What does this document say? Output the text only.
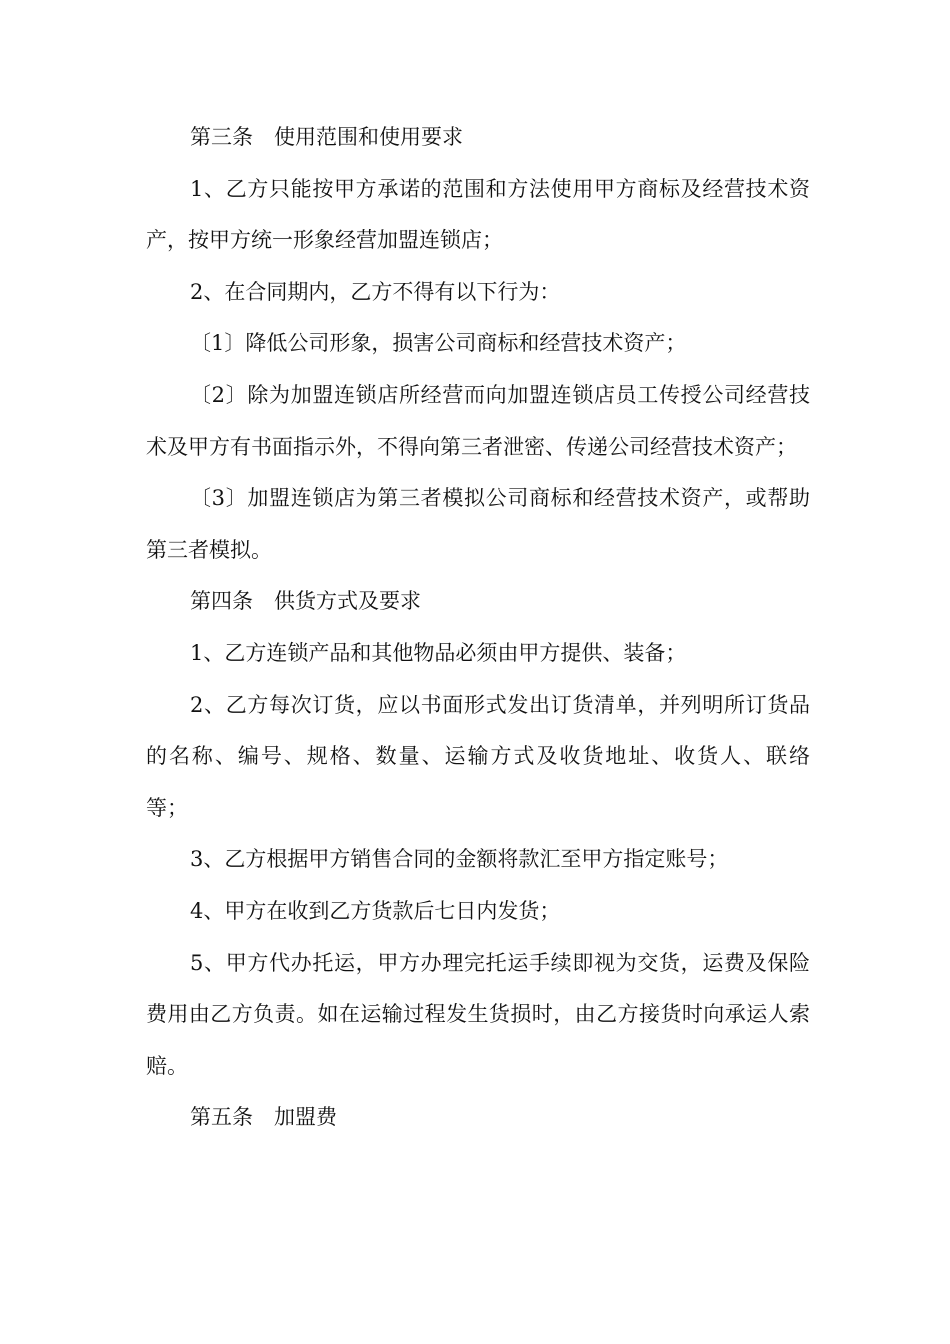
第三条　使用范围和使用要求

1、乙方只能按甲方承诺的范围和方法使用甲方商标及经营技术资产，按甲方统一形象经营加盟连锁店；

2、在合同期内，乙方不得有以下行为：

〔1〕降低公司形象，损害公司商标和经营技术资产；

〔2〕除为加盟连锁店所经营而向加盟连锁店员工传授公司经营技术及甲方有书面指示外，不得向第三者泄密、传递公司经营技术资产；

〔3〕加盟连锁店为第三者模拟公司商标和经营技术资产，或帮助第三者模拟。

第四条　供货方式及要求

1、乙方连锁产品和其他物品必须由甲方提供、装备；

2、乙方每次订货，应以书面形式发出订货清单，并列明所订货品的名称、编号、规格、数量、运输方式及收货地址、收货人、联络　等；

3、乙方根据甲方销售合同的金额将款汇至甲方指定账号；

4、甲方在收到乙方货款后七日内发货；

5、甲方代办托运，甲方办理完托运手续即视为交货，运费及保险费用由乙方负责。如在运输过程发生货损时，由乙方接货时向承运人索赔。

第五条　加盟费
